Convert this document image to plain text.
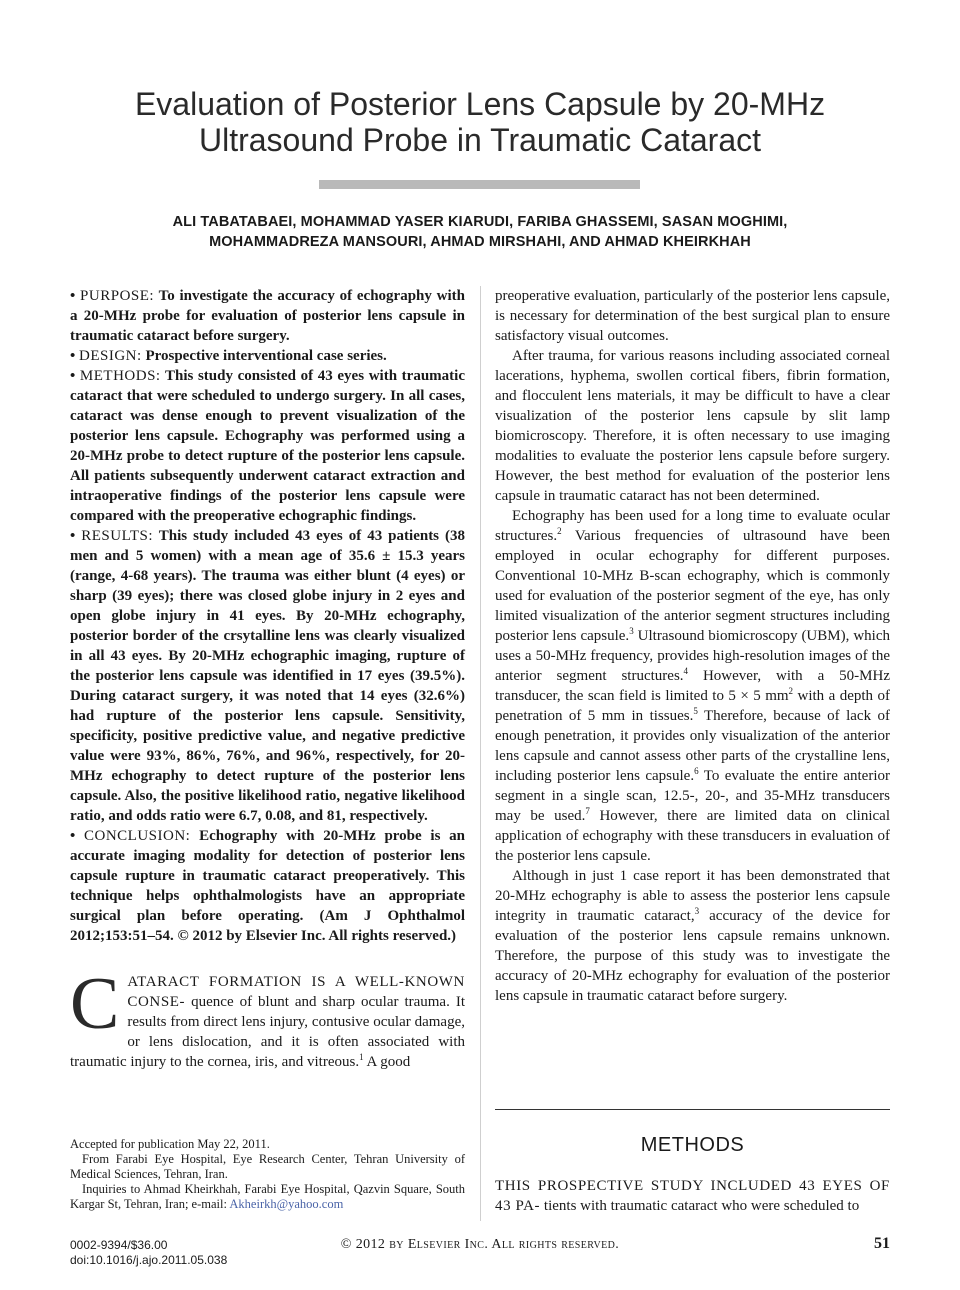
Evaluation of Posterior Lens Capsule by 20-MHz
Ultrasound Probe in Traumatic Cataract
ALI TABATABAEI, MOHAMMAD YASER KIARUDI, FARIBA GHASSEMI, SASAN MOGHIMI,
MOHAMMADREZA MANSOURI, AHMAD MIRSHAHI, AND AHMAD KHEIRKHAH

• PURPOSE: To investigate the accuracy of echography with a 20-MHz probe for evaluation of posterior lens capsule in traumatic cataract before surgery.

• DESIGN: Prospective interventional case series.

• METHODS: This study consisted of 43 eyes with traumatic cataract that were scheduled to undergo surgery. In all cases, cataract was dense enough to prevent visualization of the posterior lens capsule. Echography was performed using a 20-MHz probe to detect rupture of the posterior lens capsule. All patients subsequently underwent cataract extraction and intraoperative findings of the posterior lens capsule were compared with the preoperative echographic findings.

• RESULTS: This study included 43 eyes of 43 patients (38 men and 5 women) with a mean age of 35.6 ± 15.3 years (range, 4-68 years). The trauma was either blunt (4 eyes) or sharp (39 eyes); there was closed globe injury in 2 eyes and open globe injury in 41 eyes. By 20-MHz echography, posterior border of the crsytalline lens was clearly visualized in all 43 eyes. By 20-MHz echographic imaging, rupture of the posterior lens capsule was identified in 17 eyes (39.5%). During cataract surgery, it was noted that 14 eyes (32.6%) had rupture of the posterior lens capsule. Sensitivity, specificity, positive predictive value, and negative predictive value were 93%, 86%, 76%, and 96%, respectively, for 20-MHz echography to detect rupture of the posterior lens capsule. Also, the positive likelihood ratio, negative likelihood ratio, and odds ratio were 6.7, 0.08, and 81, respectively.

• CONCLUSION: Echography with 20-MHz probe is an accurate imaging modality for detection of posterior lens capsule rupture in traumatic cataract preoperatively. This technique helps ophthalmologists have an appropriate surgical plan before operating. (Am J Ophthalmol 2012;153:51–54. © 2012 by Elsevier Inc. All rights reserved.)

CATARACT FORMATION IS A WELL-KNOWN CONSE- quence of blunt and sharp ocular trauma. It results from direct lens injury, contusive ocular damage, or lens dislocation, and it is often associated with traumatic injury to the cornea, iris, and vitreous.$^1$ A good

Accepted for publication May 22, 2011.

From Farabi Eye Hospital, Eye Research Center, Tehran University of Medical Sciences, Tehran, Iran.

Inquiries to Ahmad Kheirkhah, Farabi Eye Hospital, Qazvin Square, South Kargar St, Tehran, Iran; e-mail: Akheirkh@yahoo.com

preoperative evaluation, particularly of the posterior lens capsule, is necessary for determination of the best surgical plan to ensure satisfactory visual outcomes.

After trauma, for various reasons including associated corneal lacerations, hyphema, swollen cortical fibers, fibrin formation, and flocculent lens materials, it may be difficult to have a clear visualization of the posterior lens capsule by slit lamp biomicroscopy. Therefore, it is often necessary to use imaging modalities to evaluate the posterior lens capsule before surgery. However, the best method for evaluation of the posterior lens capsule in traumatic cataract has not been determined.

Echography has been used for a long time to evaluate ocular structures.$^2$ Various frequencies of ultrasound have been employed in ocular echography for different purposes. Conventional 10-MHz B-scan echography, which is commonly used for evaluation of the posterior segment of the eye, has only limited visualization of the anterior segment structures including posterior lens capsule.$^3$ Ultrasound biomicroscopy (UBM), which uses a 50-MHz frequency, provides high-resolution images of the anterior segment structures.$^4$ However, with a 50-MHz transducer, the scan field is limited to 5 × 5 $mm^2$ with a depth of penetration of 5 mm in tissues.$^5$ Therefore, because of lack of enough penetration, it provides only visualization of the anterior lens capsule and cannot assess other parts of the crystalline lens, including posterior lens capsule.$^6$ To evaluate the entire anterior segment in a single scan, 12.5-, 20-, and 35-MHz transducers may be used.$^7$ However, there are limited data on clinical application of echography with these transducers in evaluation of the posterior lens capsule.

Although in just 1 case report it has been demonstrated that 20-MHz echography is able to assess the posterior lens capsule integrity in traumatic cataract,$^3$ accuracy of the device for evaluation of the posterior lens capsule remains unknown. Therefore, the purpose of this study was to investigate the accuracy of 20-MHz echography for evaluation of the posterior lens capsule in traumatic cataract before surgery.

METHODS
THIS PROSPECTIVE STUDY INCLUDED 43 EYES OF 43 PA- tients with traumatic cataract who were scheduled to
0002-9394/$36.00
doi:10.1016/j.ajo.2011.05.038
© 2012 by Elsevier Inc. All rights reserved.	51
